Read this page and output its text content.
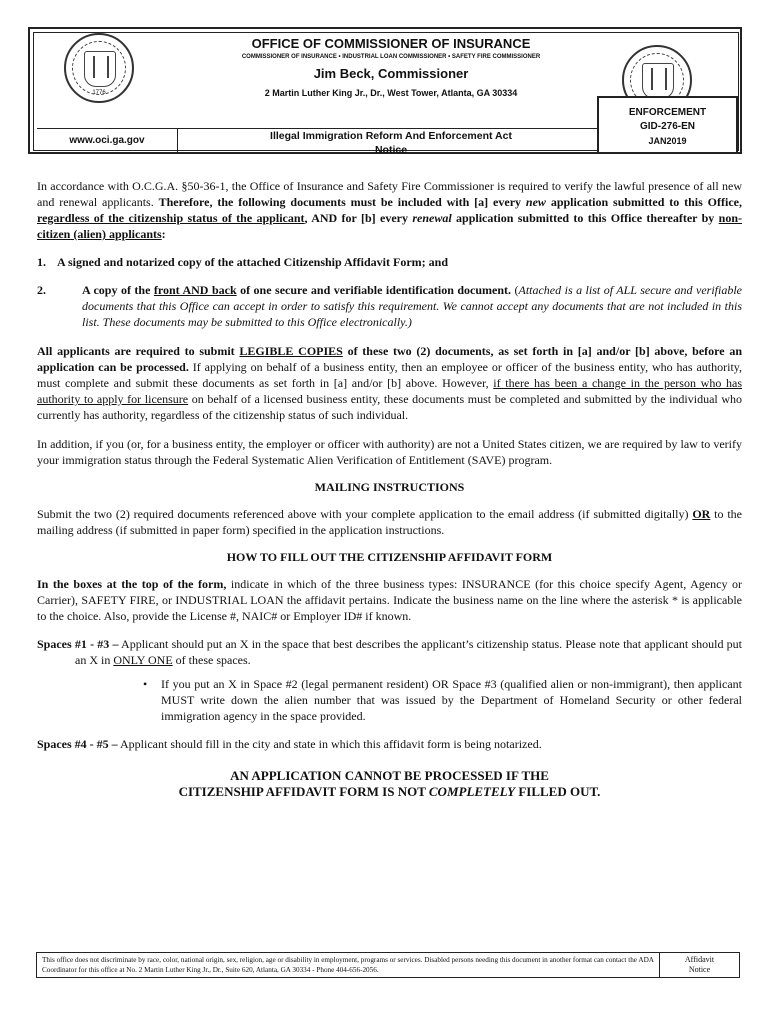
1776
OFFICE OF COMMISSIONER OF INSURANCE
COMMISSIONER OF INSURANCE • INDUSTRIAL LOAN COMMISSIONER • SAFETY FIRE COMMISSIONER
Jim Beck, Commissioner
2 Martin Luther King Jr., Dr., West Tower, Atlanta, GA 30334
www.oci.ga.gov	Illegal Immigration Reform And Enforcement Act
Notice
ENFORCEMENT
GID-276-EN
JAN2019

In accordance with O.C.G.A. §50-36-1, the Office of Insurance and Safety Fire Commissioner is required to verify the lawful presence of all new and renewal applicants. Therefore, the following documents must be included with [a] every new application submitted to this Office, regardless of the citizenship status of the applicant, AND for [b] every renewal application submitted to this Office thereafter by non-citizen (alien) applicants:

1. A signed and notarized copy of the attached Citizenship Affidavit Form; and

2.	A copy of the front AND back of one secure and verifiable identification document. (Attached is a list of ALL secure and verifiable documents that this Office can accept in order to satisfy this requirement. We cannot accept any documents that are not included in this list. These documents may be submitted to this Office electronically.)

All applicants are required to submit LEGIBLE COPIES of these two (2) documents, as set forth in [a] and/or [b] above, before an application can be processed. If applying on behalf of a business entity, then an employee or officer of the business entity, who has authority, must complete and submit these documents as set forth in [a] and/or [b] above. However, if there has been a change in the person who has authority to apply for licensure on behalf of a licensed business entity, these documents must be completed and submitted by the individual who currently has authority, regardless of the citizenship status of such individual.

In addition, if you (or, for a business entity, the employer or officer with authority) are not a United States citizen, we are required by law to verify your immigration status through the Federal Systematic Alien Verification of Entitlement (SAVE) program.

MAILING INSTRUCTIONS

Submit the two (2) required documents referenced above with your complete application to the email address (if submitted digitally) OR to the mailing address (if submitted in paper form) specified in the application instructions.

HOW TO FILL OUT THE CITIZENSHIP AFFIDAVIT FORM

In the boxes at the top of the form, indicate in which of the three business types: INSURANCE (for this choice specify Agent, Agency or Carrier), SAFETY FIRE, or INDUSTRIAL LOAN the affidavit pertains. Indicate the business name on the line where the asterisk * is applicable to the choice. Also, provide the License #, NAIC# or Employer ID# if known.

Spaces #1 - #3 – Applicant should put an X in the space that best describes the applicant’s citizenship status. Please note that applicant should put an X in ONLY ONE of these spaces.

•	If you put an X in Space #2 (legal permanent resident) OR Space #3 (qualified alien or non-immigrant), then applicant MUST write down the alien number that was issued by the Department of Homeland Security or other federal immigration agency in the space provided.

Spaces #4 - #5 – Applicant should fill in the city and state in which this affidavit form is being notarized.

AN APPLICATION CANNOT BE PROCESSED IF THE

CITIZENSHIP AFFIDAVIT FORM IS NOT COMPLETELY FILLED OUT.

This office does not discriminate by race, color, national origin, sex, religion, age or disability in employment, programs or services. Disabled persons needing this document in another format can contact the ADA Coordinator for this office at No. 2 Martin Luther King Jr., Dr., Suite 620, Atlanta, GA 30334 - Phone 404-656-2056.
Affidavit
Notice
